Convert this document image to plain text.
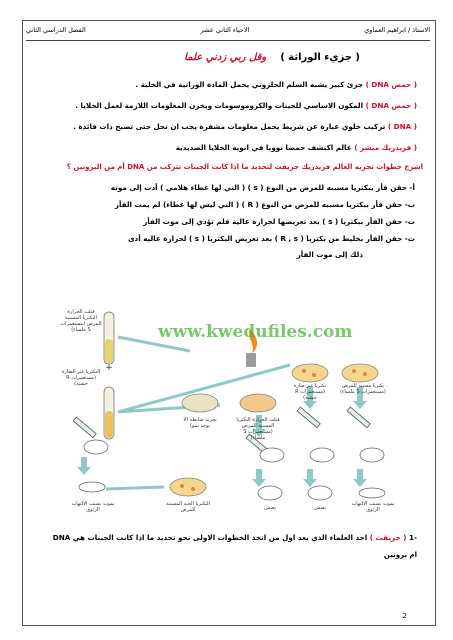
الاستاذ / ابراهيم العماوي
الاحياء الثاني عشر
الفصل الدراسي الثاني
( جزيء الوراثة )
وقل ربي زدني علما
( حمض DNA ) جزئ كبير يشبه السلم الحلزوني يحمل المادة الوراثية في الخلية .
( حمض DNA ) المكون الاساسي للجينات والكروموسومات ويخزن المعلومات اللازمة لعمل الخلايا .
( DNA ) تركيب خلوي عبارة عن شريط يحمل معلومات مشفرة يجب ان تحل حتى تصبح ذات فائدة .
( فريدريك ميشر ) عالم اكتشف حمضا نوويا في انويه الخلايا الصديدية
اشرح خطوات تجربه العالم فريدريك جريفث لتحديد ما اذا كانت الجينات تتركب من DNA أم من البروتين ؟
أ- حقن فأر ببكتريا مسببه للمرض من النوع ( s ) ( التي لها غطاء هلامي ) أدت إلى موته
ب- حقن فأر ببكتريا مسببه للمرض من النوع ( R ) ( التي ليس لها غطاء) لم يمت الفأر
ت- حقن الفأر ببكتريا ( s ) بعد تعريضها لحرارة عالية فلم تؤدي إلى موت الفأر
ث- حقن الفأر بخليط من بكتريا ( R , s ) بعد تعريض البكتريا ( s ) لحرارة عاليه أدى
ذلك إلى موت الفأر
قتلت الحرارة البكتريا المسببة للمرض (مستعمرات S ملساء)
البكتريا غير الضارة (مستعمرات R خشنة)
+
تجربة ضابطة (لا يوجد نمو)
قتلت الحرارة البكتريا المسببة للمرض (مستعمرات S ملساء)
بكتريا غير ضارة (مستعمرات R خشنة)
بكتريا مسببة للمرض (مستعمرات S ملساء)
يموت بسبب الالتهاب الرئوي	يعيش	يعيش
يموت بسبب الالتهاب الرئوي
البكتريا الحية المسببة للمرض
www.kwedufiles.com
-1 ( جريفث ) احد العلماء الذي يعد اول من اتخذ الخطوات الاولى نحو تحديد ما اذا كانت الجينات هي DNA
ام بروتين
2
